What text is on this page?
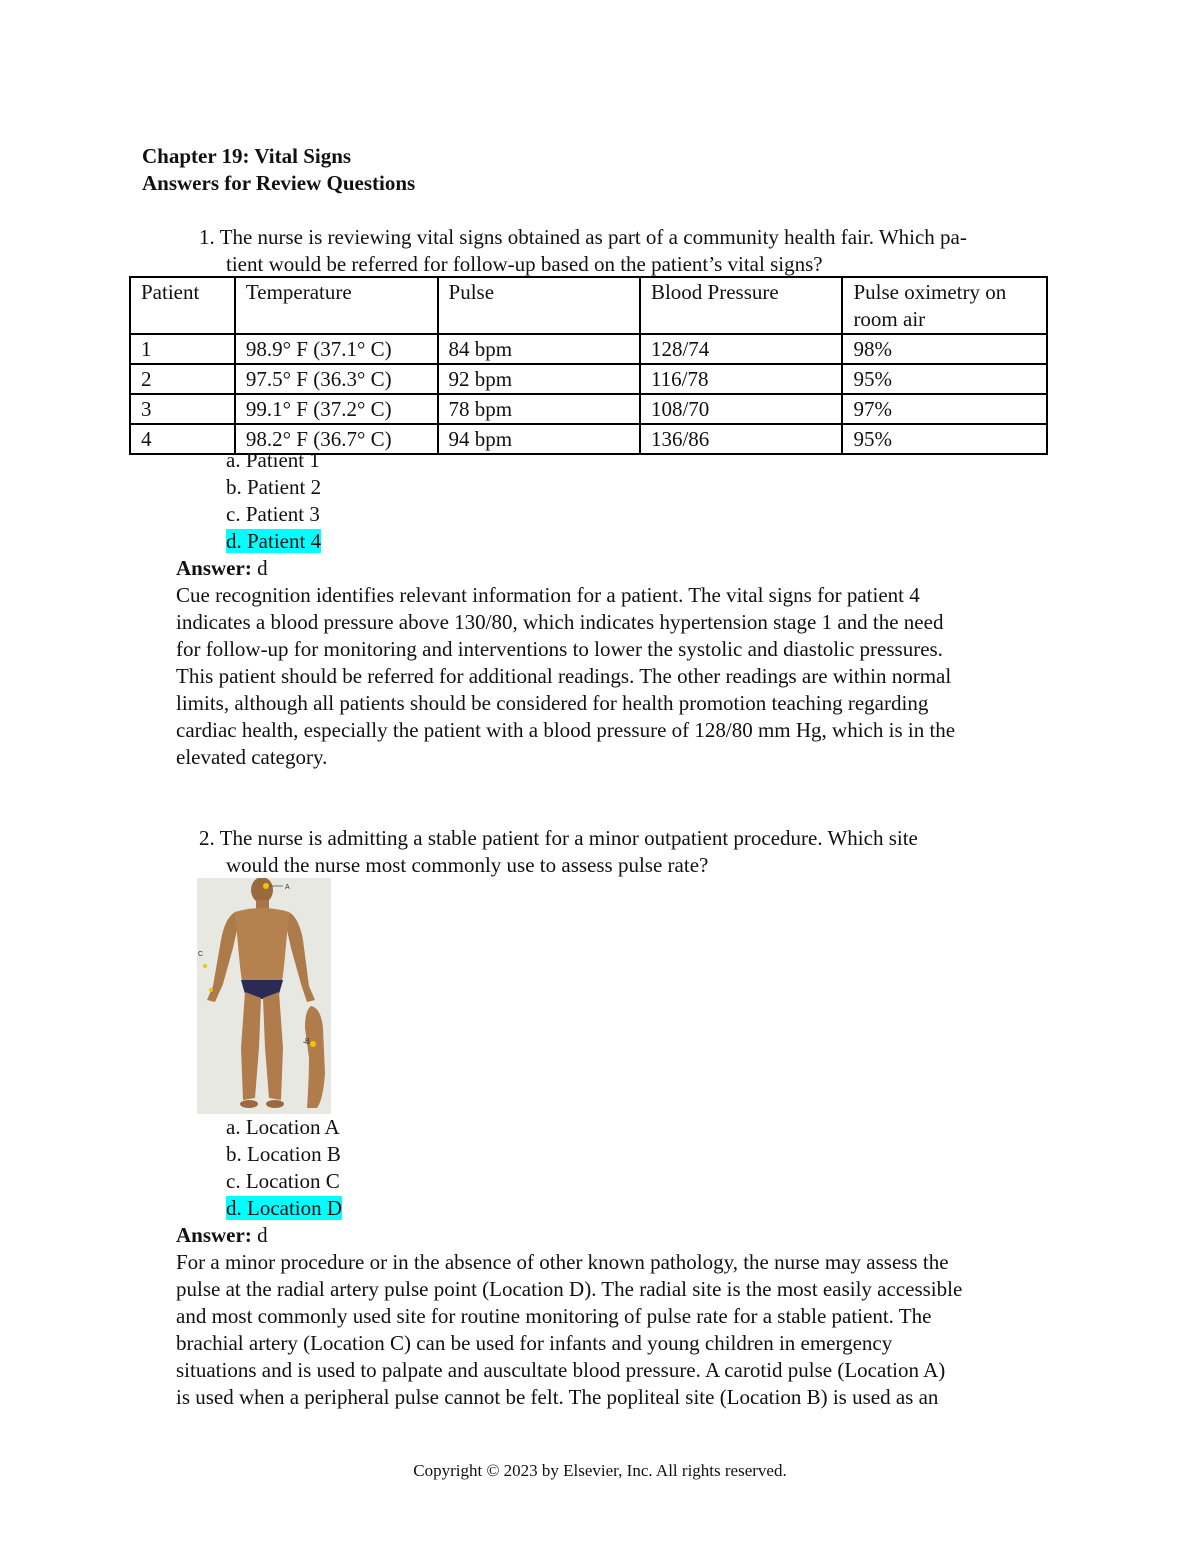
Chapter 19: Vital Signs
Answers for Review Questions
1. The nurse is reviewing vital signs obtained as part of a community health fair. Which pa-
tient would be referred for follow-up based on the patient’s vital signs?
Patient	Temperature	Pulse	Blood Pressure	Pulse oximetry on room air
1	98.9° F (37.1° C)	84 bpm	128/74	98%
2	97.5° F (36.3° C)	92 bpm	116/78	95%
3	99.1° F (37.2° C)	78 bpm	108/70	97%
4	98.2° F (36.7° C)	94 bpm	136/86	95%
a. Patient 1
b. Patient 2
c. Patient 3
d. Patient 4
Answer: d
Cue recognition identifies relevant information for a patient. The vital signs for patient 4
indicates a blood pressure above 130/80, which indicates hypertension stage 1 and the need
for follow-up for monitoring and interventions to lower the systolic and diastolic pressures.
This patient should be referred for additional readings. The other readings are within normal
limits, although all patients should be considered for health promotion teaching regarding
cardiac health, especially the patient with a blood pressure of 128/80 mm Hg, which is in the
elevated category.
2. The nurse is admitting a stable patient for a minor outpatient procedure. Which site
would the nurse most commonly use to assess pulse rate?
A
C
B
a. Location A
b. Location B
c. Location C
d. Location D
Answer: d
For a minor procedure or in the absence of other known pathology, the nurse may assess the
pulse at the radial artery pulse point (Location D). The radial site is the most easily accessible
and most commonly used site for routine monitoring of pulse rate for a stable patient. The
brachial artery (Location C) can be used for infants and young children in emergency
situations and is used to palpate and auscultate blood pressure. A carotid pulse (Location A)
is used when a peripheral pulse cannot be felt. The popliteal site (Location B) is used as an
Copyright © 2023 by Elsevier, Inc. All rights reserved.
